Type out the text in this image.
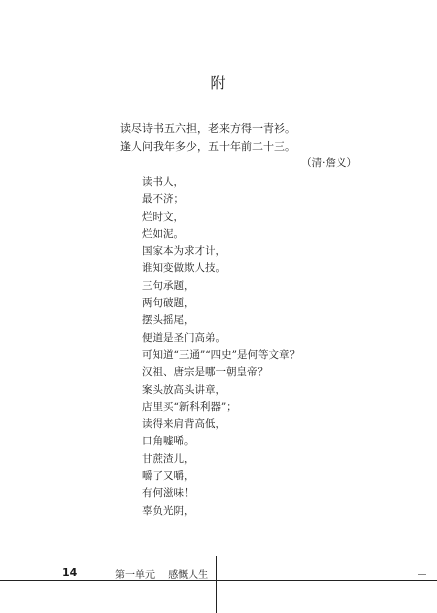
附
读尽诗书五六担，老来方得一青衫。
逢人问我年多少，五十年前二十三。
（清·詹义）
读书人，
最不济；
烂时文，
烂如泥。
国家本为求才计，
谁知变做欺人技。
三句承题，
两句破题，
摆头摇尾，
便道是圣门高弟。
可知道“三通”“四史”是何等文章？
汉祖、唐宗是哪一朝皇帝？
案头放高头讲章，
店里买“新科利器”；
读得来肩背高低，
口角嘘唏。
甘蔗渣儿，
嚼了又嚼，
有何滋味！
辜负光阴，
14	第一单元 感慨人生
